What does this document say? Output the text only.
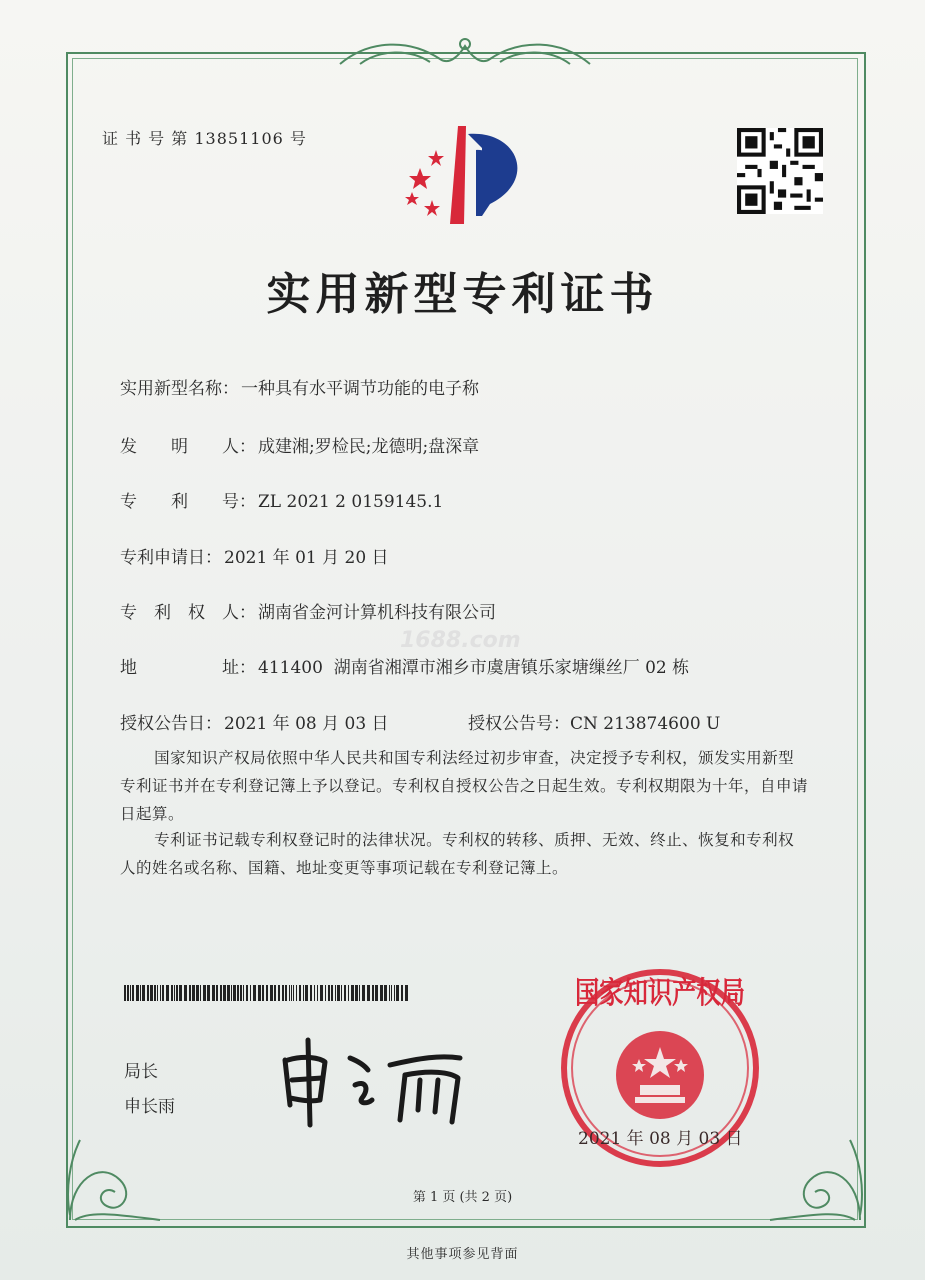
证 书 号 第 13851106 号
实用新型专利证书
实用新型名称： 一种具有水平调节功能的电子称
发　　明　　人： 成建湘;罗检民;龙德明;盘深章
专　　利　　号： ZL 2021 2 0159145.1
专利申请日： 2021 年 01 月 20 日
专　利　权　人： 湖南省金河计算机科技有限公司
1688.com
地　　　　　址： 411400  湖南省湘潭市湘乡市虞唐镇乐家塘缫丝厂 02 栋
授权公告日： 2021 年 08 月 03 日	授权公告号：CN 213874600 U
国家知识产权局依照中华人民共和国专利法经过初步审查，决定授予专利权，颁发实用新型专利证书并在专利登记簿上予以登记。专利权自授权公告之日起生效。专利权期限为十年，自申请日起算。
专利证书记载专利权登记时的法律状况。专利权的转移、质押、无效、终止、恢复和专利权人的姓名或名称、国籍、地址变更等事项记载在专利登记簿上。
局长
申长雨
国家知识产权局
2021 年 08 月 03 日
第 1 页 (共 2 页)
其他事项参见背面
